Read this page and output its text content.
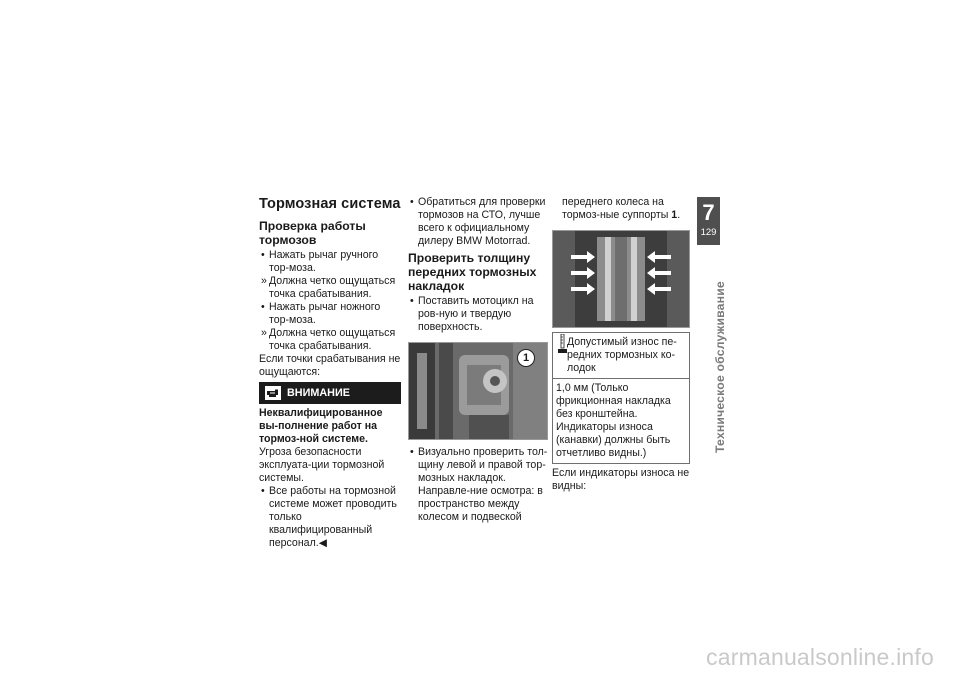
Тормозная система
Проверка работы тормозов

• Нажать рычаг ручного тор-моза.

» Должна четко ощущаться точка срабатывания.

• Нажать рычаг ножного тор-моза.

» Должна четко ощущаться точка срабатывания.

Если точки срабатывания не ощущаются:

ВНИМАНИЕ

Неквалифицированное вы-полнение работ на тормоз-ной системе.

Угроза безопасности эксплуата-ции тормозной системы.

• Все работы на тормозной системе может проводить только квалифицированный персонал.◀

• Обратиться для проверки тормозов на СТО, лучше всего к официальному дилеру BMW Motorrad.

Проверить толщину передних тормозных накладок

• Поставить мотоцикл на ров-ную и твердую поверхность.

1

• Визуально проверить тол-щину левой и правой тор-мозных накладок. Направле-ние осмотра: в пространство между колесом и подвеской

переднего колеса на тормоз-ные суппорты 1.

Допустимый износ пе-редних тормозных ко-лодок
1,0 мм (Только фрикционная накладка без кронштейна. Индикаторы износа (канавки) должны быть отчетливо видны.)

Если индикаторы износа не видны:

7
129
Техническое обслуживание
carmanualsonline.info
